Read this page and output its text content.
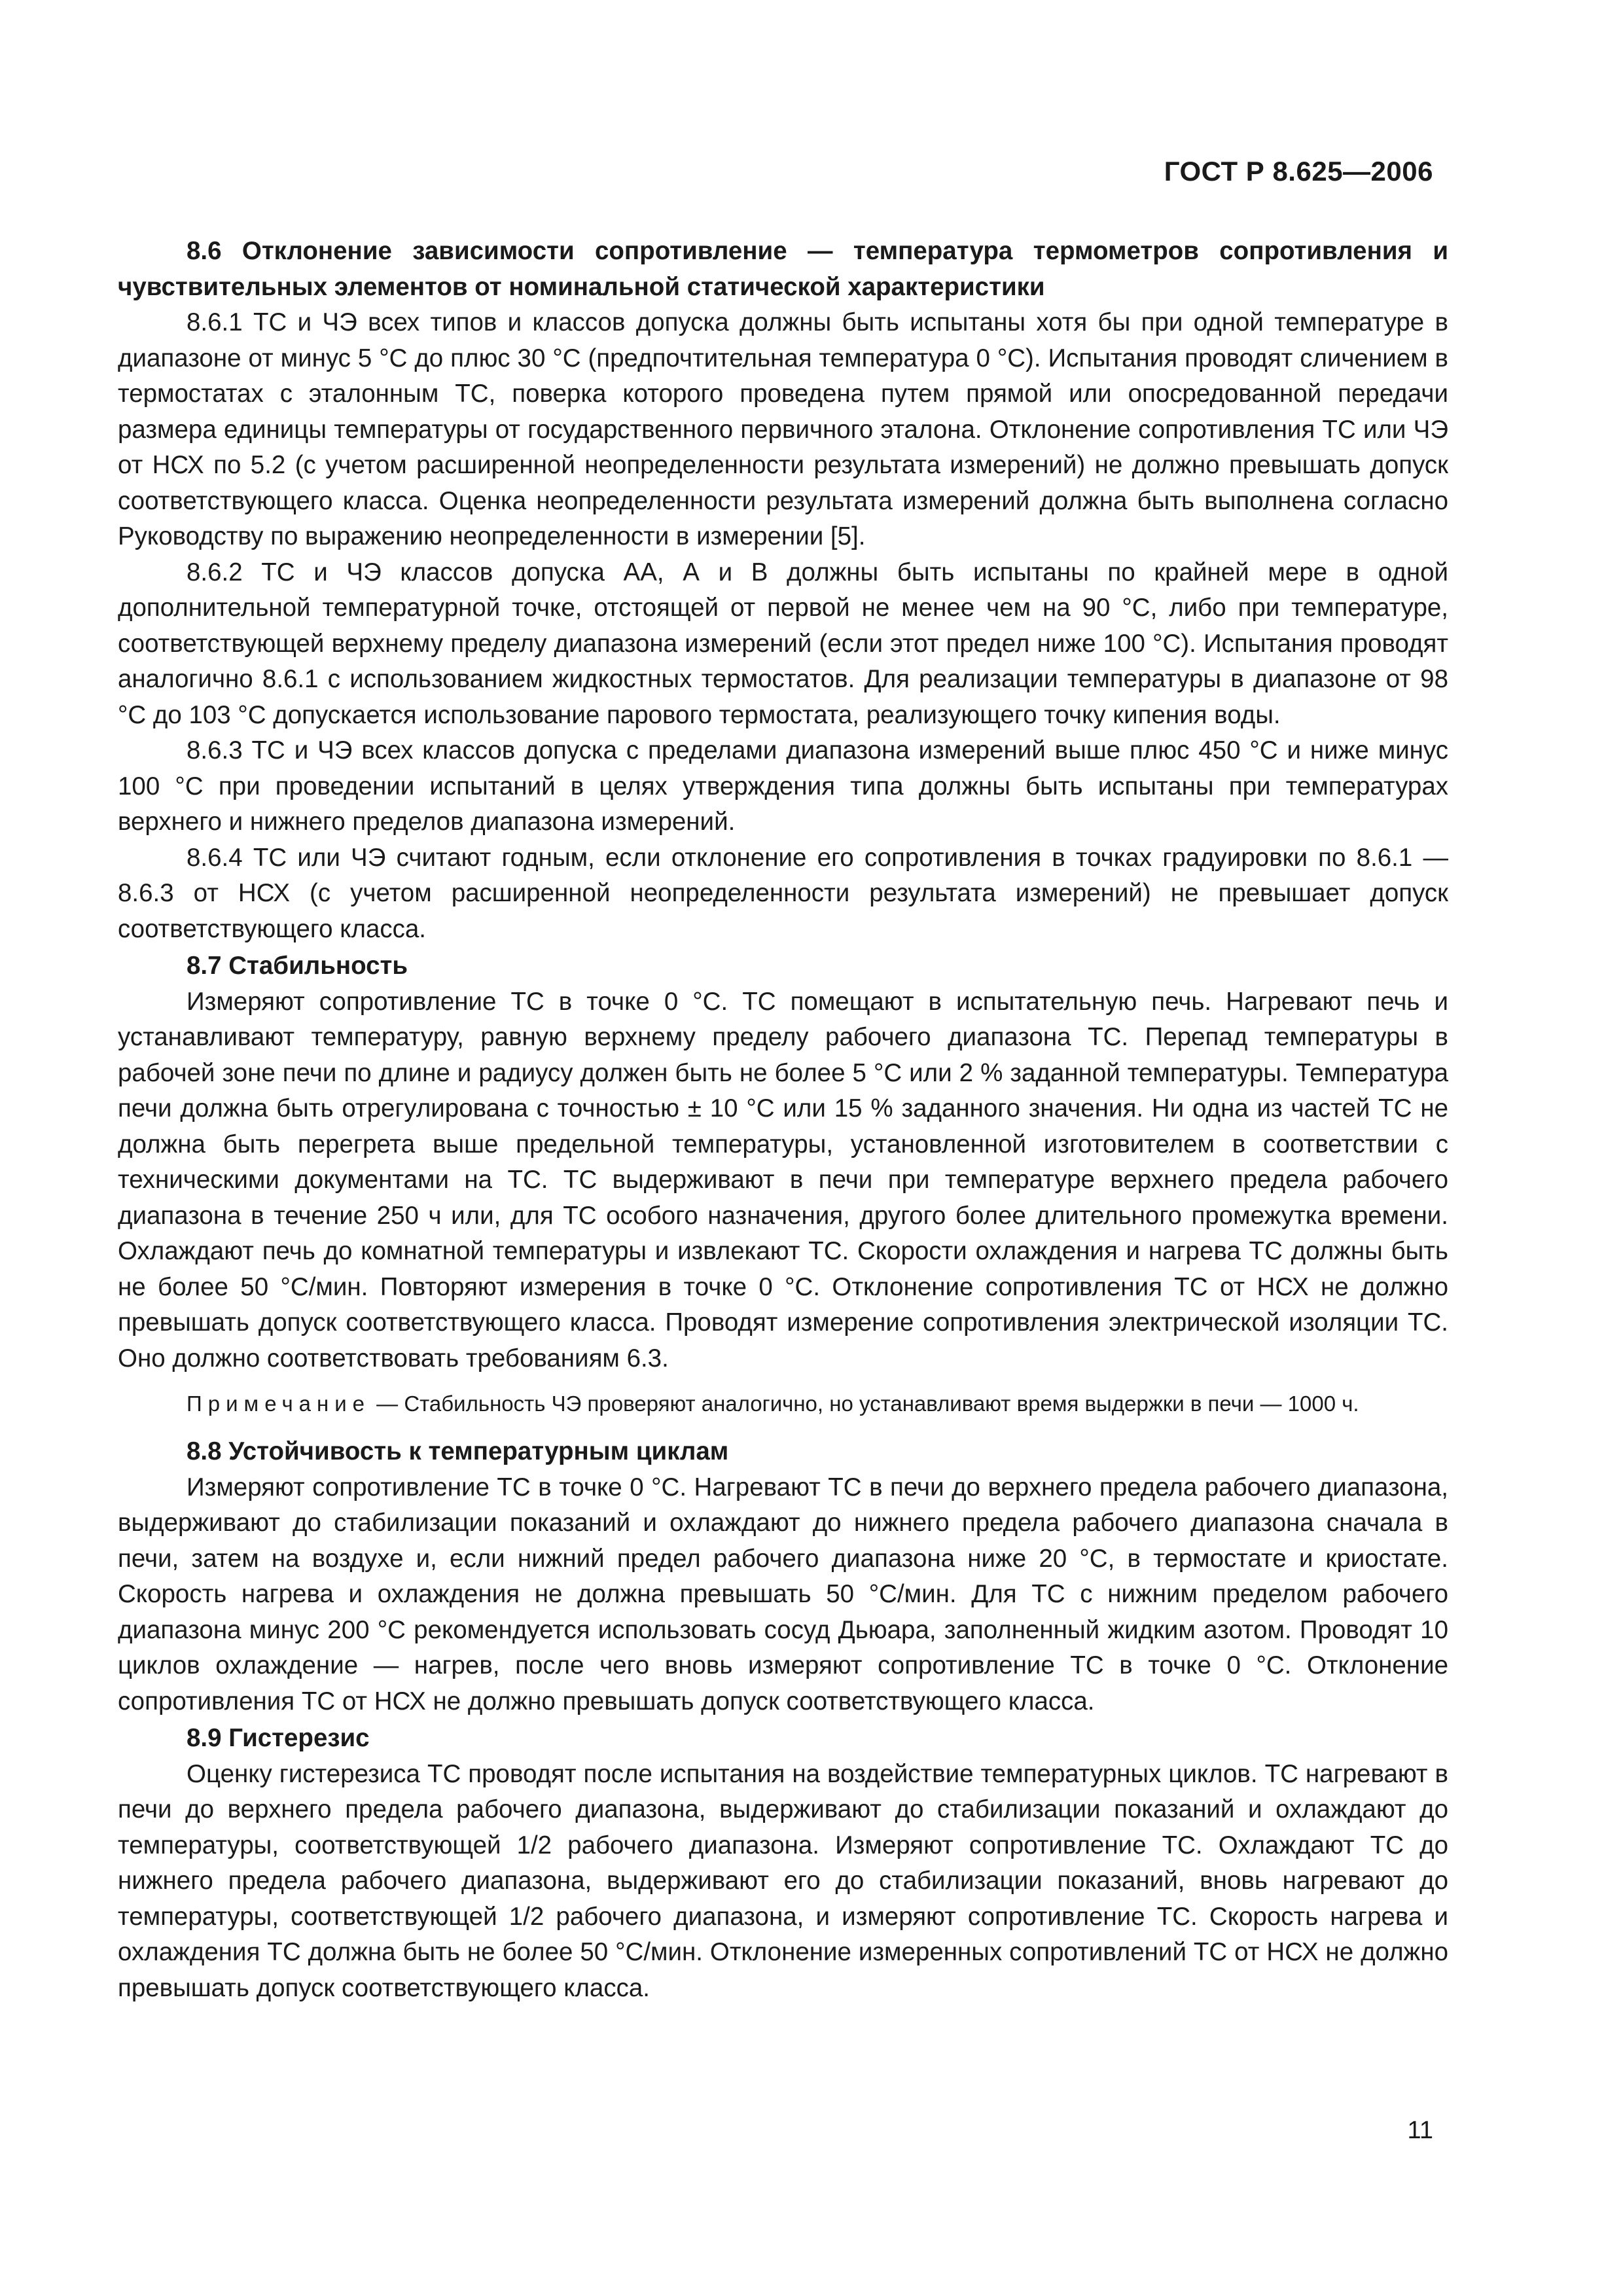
ГОСТ Р 8.625—2006

8.6 Отклонение зависимости сопротивление — температура термометров сопротивления и чувствительных элементов от номинальной статической характеристики

8.6.1 ТС и ЧЭ всех типов и классов допуска должны быть испытаны хотя бы при одной температуре в диапазоне от минус 5 °C до плюс 30 °C (предпочтительная температура 0 °C). Испытания проводят сличением в термостатах с эталонным ТС, поверка которого проведена путем прямой или опосредованной передачи размера единицы температуры от государственного первичного эталона. Отклонение сопротивления ТС или ЧЭ от НСХ по 5.2 (с учетом расширенной неопределенности результата измерений) не должно превышать допуск соответствующего класса. Оценка неопределенности результата измерений должна быть выполнена согласно Руководству по выражению неопределенности в измерении [5].

8.6.2 ТС и ЧЭ классов допуска АА, А и В должны быть испытаны по крайней мере в одной дополнительной температурной точке, отстоящей от первой не менее чем на 90 °C, либо при температуре, соответствующей верхнему пределу диапазона измерений (если этот предел ниже 100 °C). Испытания проводят аналогично 8.6.1 с использованием жидкостных термостатов. Для реализации температуры в диапазоне от 98 °C до 103 °C допускается использование парового термостата, реализующего точку кипения воды.

8.6.3 ТС и ЧЭ всех классов допуска с пределами диапазона измерений выше плюс 450 °C и ниже минус 100 °C при проведении испытаний в целях утверждения типа должны быть испытаны при температурах верхнего и нижнего пределов диапазона измерений.

8.6.4 ТС или ЧЭ считают годным, если отклонение его сопротивления в точках градуировки по 8.6.1 — 8.6.3 от НСХ (с учетом расширенной неопределенности результата измерений) не превышает допуск соответствующего класса.

8.7 Стабильность

Измеряют сопротивление ТС в точке 0 °C. ТС помещают в испытательную печь. Нагревают печь и устанавливают температуру, равную верхнему пределу рабочего диапазона ТС. Перепад температуры в рабочей зоне печи по длине и радиусу должен быть не более 5 °C или 2 % заданной температуры. Температура печи должна быть отрегулирована с точностью ± 10 °C или 15 % заданного значения. Ни одна из частей ТС не должна быть перегрета выше предельной температуры, установленной изготовителем в соответствии с техническими документами на ТС. ТС выдерживают в печи при температуре верхнего предела рабочего диапазона в течение 250 ч или, для ТС особого назначения, другого более длительного промежутка времени. Охлаждают печь до комнатной температуры и извлекают ТС. Скорости охлаждения и нагрева ТС должны быть не более 50 °C/мин. Повторяют измерения в точке 0 °C. Отклонение сопротивления ТС от НСХ не должно превышать допуск соответствующего класса. Проводят измерение сопротивления электрической изоляции ТС. Оно должно соответствовать требованиям 6.3.

Примечание — Стабильность ЧЭ проверяют аналогично, но устанавливают время выдержки в печи — 1000 ч.

8.8 Устойчивость к температурным циклам

Измеряют сопротивление ТС в точке 0 °C. Нагревают ТС в печи до верхнего предела рабочего диапазона, выдерживают до стабилизации показаний и охлаждают до нижнего предела рабочего диапазона сначала в печи, затем на воздухе и, если нижний предел рабочего диапазона ниже 20 °C, в термостате и криостате. Скорость нагрева и охлаждения не должна превышать 50 °C/мин. Для ТС с нижним пределом рабочего диапазона минус 200 °C рекомендуется использовать сосуд Дьюара, заполненный жидким азотом. Проводят 10 циклов охлаждение — нагрев, после чего вновь измеряют сопротивление ТС в точке 0 °C. Отклонение сопротивления ТС от НСХ не должно превышать допуск соответствующего класса.

8.9 Гистерезис

Оценку гистерезиса ТС проводят после испытания на воздействие температурных циклов. ТС нагревают в печи до верхнего предела рабочего диапазона, выдерживают до стабилизации показаний и охлаждают до температуры, соответствующей 1/2 рабочего диапазона. Измеряют сопротивление ТС. Охлаждают ТС до нижнего предела рабочего диапазона, выдерживают его до стабилизации показаний, вновь нагревают до температуры, соответствующей 1/2 рабочего диапазона, и измеряют сопротивление ТС. Скорость нагрева и охлаждения ТС должна быть не более 50 °C/мин. Отклонение измеренных сопротивлений ТС от НСХ не должно превышать допуск соответствующего класса.

11
